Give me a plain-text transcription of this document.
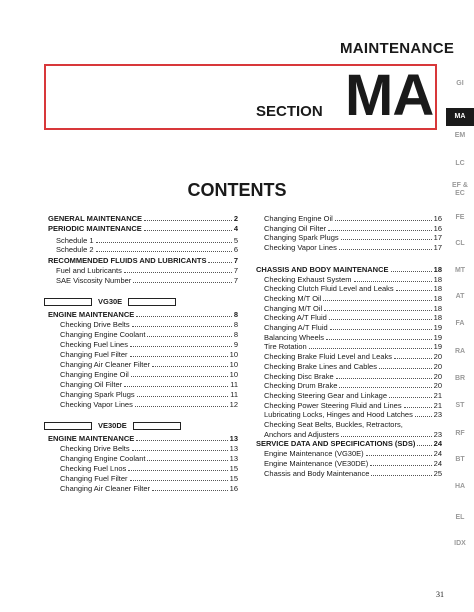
MAINTENANCE
SECTION MA
CONTENTS
VG30E
VE30DE
GI
MA
EM
LC
EF &
EC
FE
CL
MT
AT
FA
RA
BR
ST
RF
BT
HA
EL
IDX
31
GENERAL MAINTENANCE	2
PERIODIC MAINTENANCE	4
Schedule 1	5
Schedule 2	6
RECOMMENDED FLUIDS AND LUBRICANTS	7
Fuel and Lubricants	7
SAE Viscosity Number	7
ENGINE MAINTENANCE	8
Checking Drive Belts	8
Changing Engine Coolant	8
Checking Fuel Lines	9
Changing Fuel Filter	10
Changing Air Cleaner Filter	10
Changing Engine Oil	10
Changing Oil Filter	11
Changing Spark Plugs	11
Checking Vapor Lines	12
ENGINE MAINTENANCE	13
Checking Drive Belts	13
Changing Engine Coolant	13
Checking Fuel Lnos	15
Changing Fuel Filter	15
Changing Air Cleaner Filter	16
Changing Engine Oil	16
Changing Oil Filter	16
Changing Spark Plugs	17
Checking Vapor Lines	17
CHASSIS AND BODY MAINTENANCE	18
Checking Exhaust System	18
Checking Clutch Fluid Level and Leaks	18
Checking M/T Oil	18
Changing M/T Oil	18
Checking A/T Fluid	18
Changing A/T Fluid	19
Balancing Wheels	19
Tire Rotation	19
Checking Brake Fluid Level and Leaks	20
Checking Brake Lines and Cables	20
Checking Disc Brake	20
Checking Drum Brake	20
Checking Steering Gear and Linkage	21
Checking Power Steering Fluid and Lines	21
Lubricating Locks, Hinges and Hood Latches	23
Checking Seat Belts, Buckles, Retractors,
Anchors and Adjusters	23
SERVICE DATA AND SPECIFICATIONS (SDS) 24
Engine Maintenance (VG30E)	24
Engine Maintenance (VE30DE)	24
Chassis and Body Maintenance	25
